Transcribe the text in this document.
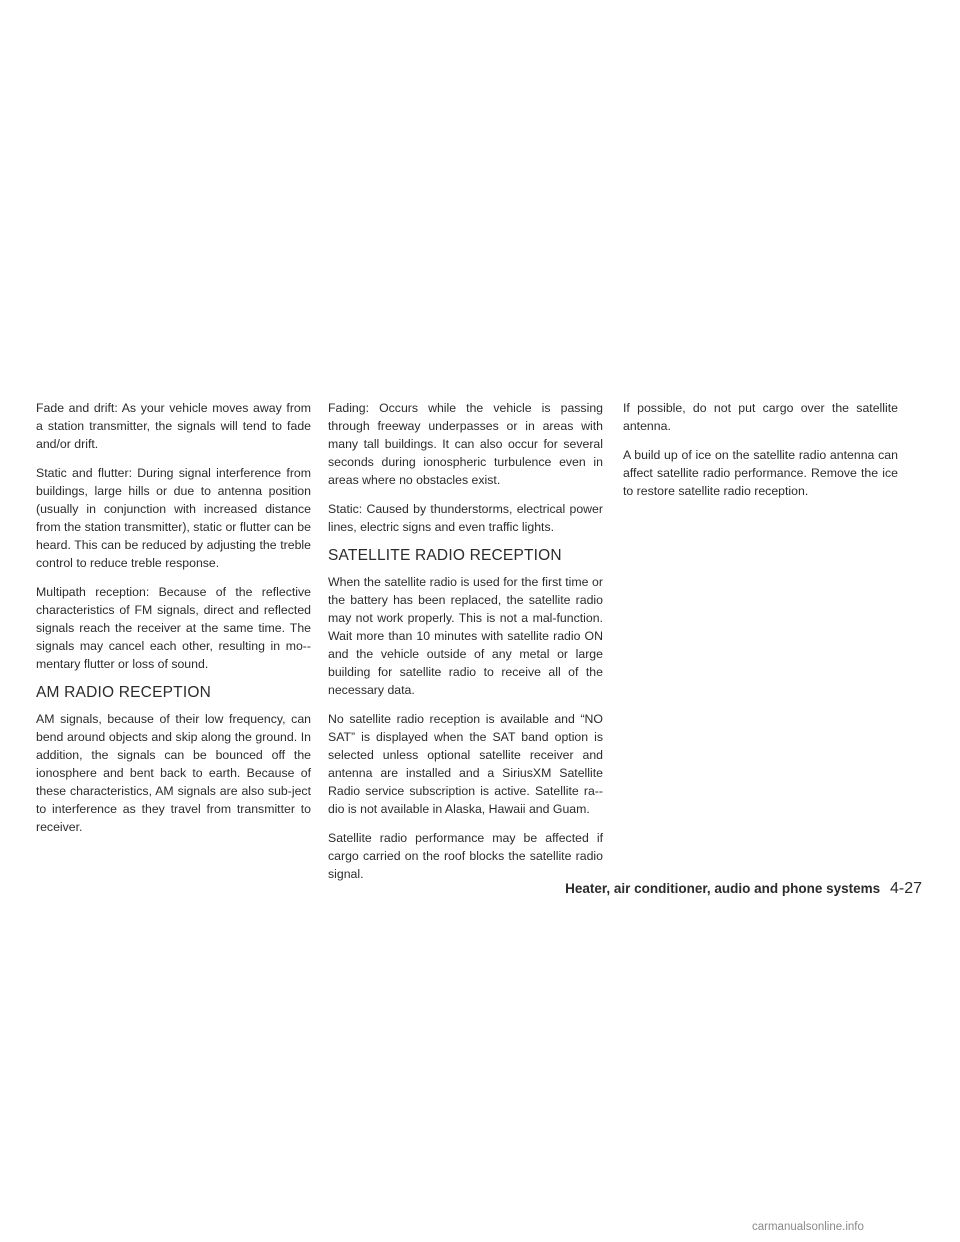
Fade and drift: As your vehicle moves away from a station transmitter, the signals will tend to fade and/or drift.

Static and flutter: During signal interference from buildings, large hills or due to antenna position (usually in conjunction with increased distance from the station transmitter), static or flutter can be heard. This can be reduced by adjusting the treble control to reduce treble response.

Multipath reception: Because of the reflective characteristics of FM signals, direct and reflected signals reach the receiver at the same time. The signals may cancel each other, resulting in mo-mentary flutter or loss of sound.

AM RADIO RECEPTION

AM signals, because of their low frequency, can bend around objects and skip along the ground. In addition, the signals can be bounced off the ionosphere and bent back to earth. Because of these characteristics, AM signals are also sub-ject to interference as they travel from transmitter to receiver.

Fading: Occurs while the vehicle is passing through freeway underpasses or in areas with many tall buildings. It can also occur for several seconds during ionospheric turbulence even in areas where no obstacles exist.

Static: Caused by thunderstorms, electrical power lines, electric signs and even traffic lights.

SATELLITE RADIO RECEPTION

When the satellite radio is used for the first time or the battery has been replaced, the satellite radio may not work properly. This is not a mal-function. Wait more than 10 minutes with satellite radio ON and the vehicle outside of any metal or large building for satellite radio to receive all of the necessary data.

No satellite radio reception is available and “NO SAT” is displayed when the SAT band option is selected unless optional satellite receiver and antenna are installed and a SiriusXM Satellite Radio service subscription is active. Satellite ra-dio is not available in Alaska, Hawaii and Guam.

Satellite radio performance may be affected if cargo carried on the roof blocks the satellite radio signal.

If possible, do not put cargo over the satellite antenna.

A build up of ice on the satellite radio antenna can affect satellite radio performance. Remove the ice to restore satellite radio reception.

Heater, air conditioner, audio and phone systems 4-27
carmanualsonline.info
